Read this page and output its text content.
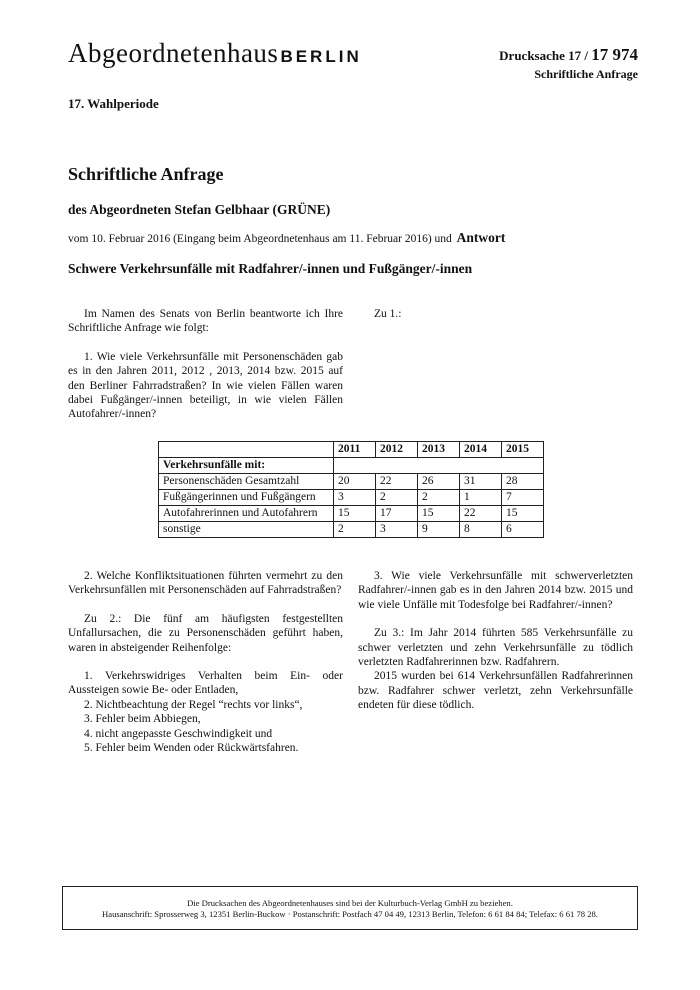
Abgeordnetenhaus BERLIN	Drucksache 17 / 17 974
Schriftliche Anfrage
17. Wahlperiode
Schriftliche Anfrage
des Abgeordneten Stefan Gelbhaar (GRÜNE)
vom 10. Februar 2016 (Eingang beim Abgeordnetenhaus am 11. Februar 2016) und Antwort
Schwere Verkehrsunfälle mit Radfahrer/-innen und Fußgänger/-innen

Im Namen des Senats von Berlin beantworte ich Ihre Schriftliche Anfrage wie folgt:

1. Wie viele Verkehrsunfälle mit Personenschäden gab es in den Jahren 2011, 2012 , 2013, 2014 bzw. 2015 auf den Berliner Fahrradstraßen? In wie vielen Fällen waren dabei Fußgänger/-innen beteiligt, in wie vielen Fällen Autofahrer/-innen?

Zu 1.:

	2011	2012	2013	2014	2015
Verkehrsunfälle mit:					
Personenschäden Gesamtzahl	20	22	26	31	28
Fußgängerinnen und Fußgängern	3	2	2	1	7
Autofahrerinnen und Autofahrern	15	17	15	22	15
sonstige	2	3	9	8	6

2. Welche Konfliktsituationen führten vermehrt zu den Verkehrsunfällen mit Personenschäden auf Fahrradstraßen?

Zu 2.: Die fünf am häufigsten festgestellten Unfallursachen, die zu Personenschäden geführt haben, waren in absteigender Reihenfolge:

1. Verkehrswidriges Verhalten beim Ein- oder Aussteigen sowie Be- oder Entladen,
2. Nichtbeachtung der Regel “rechts vor links“,
3. Fehler beim Abbiegen,
4. nicht angepasste Geschwindigkeit und
5. Fehler beim Wenden oder Rückwärtsfahren.

3. Wie viele Verkehrsunfälle mit schwerverletzten Radfahrer/-innen gab es in den Jahren 2014 bzw. 2015 und wie viele Unfälle mit Todesfolge bei Radfahrer/-innen?

Zu 3.: Im Jahr 2014 führten 585 Verkehrsunfälle zu schwer verletzten und zehn Verkehrsunfälle zu tödlich verletzten Radfahrerinnen bzw. Radfahrern.

2015 wurden bei 614 Verkehrsunfällen Radfahrerinnen bzw. Radfahrer schwer verletzt, zehn Verkehrsunfälle endeten für diese tödlich.

Die Drucksachen des Abgeordnetenhauses sind bei der Kulturbuch-Verlag GmbH zu beziehen.
Hausanschrift: Sprosserweg 3, 12351 Berlin-Buckow · Postanschrift: Postfach 47 04 49, 12313 Berlin, Telefon: 6 61 84 84; Telefax: 6 61 78 28.
